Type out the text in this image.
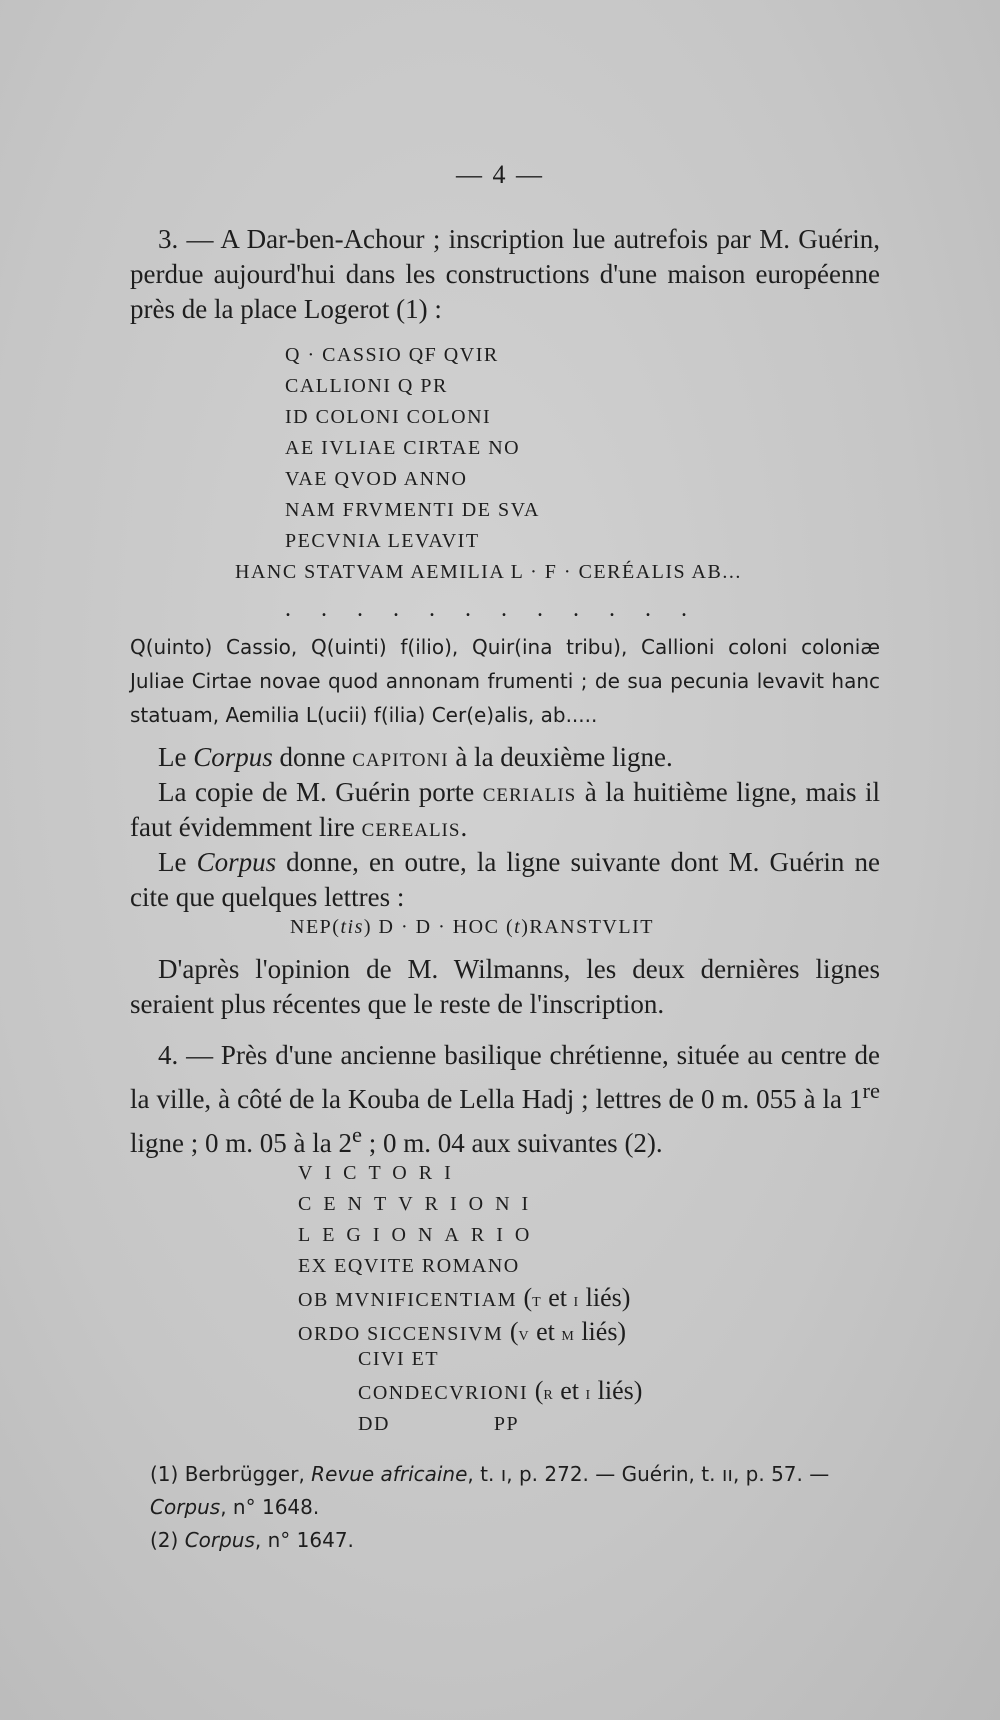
— 4 —

3. — A Dar-ben-Achour ; inscription lue autrefois par M. Guérin, perdue aujourd'hui dans les constructions d'une maison européenne près de la place Logerot (1) :

Q · CASSIO QF QVIR
CALLIONI Q PR
ID COLONI COLONI
AE IVLIAE CIRTAE NO
VAE QVOD ANNO
NAM FRVMENTI DE SVA
PECVNIA LEVAVIT
HANC STATVAM AEMILIA L · F · CERÉALIS AB...
. . . . . . . . . . . .

Q(uinto) Cassio, Q(uinti) f(ilio), Quir(ina tribu), Callioni coloni coloniæ Juliae Cirtae novae quod annonam frumenti ; de sua pecunia levavit hanc statuam, Aemilia L(ucii) f(ilia) Cer(e)alis, ab.....

Le Corpus donne capitoni à la deuxième ligne.

La copie de M. Guérin porte cerialis à la huitième ligne, mais il faut évidemment lire cerealis.

Le Corpus donne, en outre, la ligne suivante dont M. Guérin ne cite que quelques lettres :

NEP(tis) D · D · HOC (t)RANSTVLIT

D'après l'opinion de M. Wilmanns, les deux dernières lignes seraient plus récentes que le reste de l'inscription.

4. — Près d'une ancienne basilique chrétienne, située au centre de la ville, à côté de la Kouba de Lella Hadj ; lettres de 0 m. 055 à la 1re ligne ; 0 m. 05 à la 2e ; 0 m. 04 aux suivantes (2).

VICTORI
CENTVRIONI
LEGIONARIO
EX EQVITE ROMANO
OB MVNIFICENTIAM (t et i liés)
ORDO SICCENSIVM (v et m liés)
CIVI ET
CONDECVRIONI (r et i liés)
DD                PP

(1) Berbrügger, Revue africaine, t. ı, p. 272. — Guérin, t. ıı, p. 57. —

Corpus, n° 1648.

(2) Corpus, n° 1647.
